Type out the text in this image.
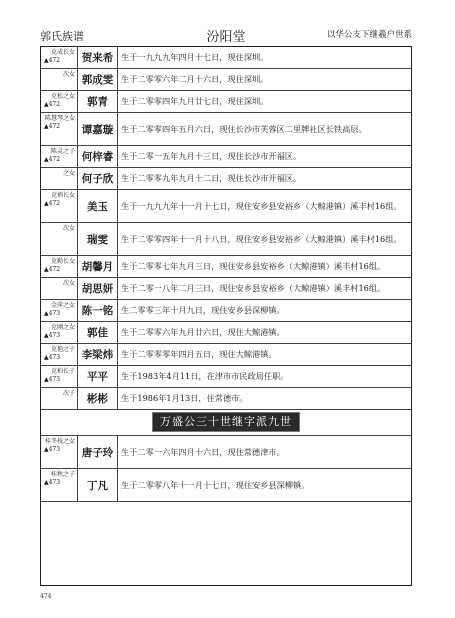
郭氏族谱	汾阳堂	以华公支下继羲户世系
克成长女
▲472	贺来希 生于一九九九年四月十七日，现住深圳。
次女 郭成雯 生于二零零六年二月十六日，现住深圳。
克松之女
▲472	郭青	生于二零零四年九月廿七日，现住深圳。
陈慧琴之女
▲472	谭嘉璇 生于二零零四年五月六日，现住长沙市芙蓉区二里牌社区长铁高层。
陈灵之子
▲472	何梓睿 生于二零一五年九月十三日，现住长沙市开福区。
之女 何子欣 生于二零零九年九月十二日，现住长沙市开福区。
克炳长女
▲472	美玉	生于一九九九年十一月十七日，现住安乡县安裕乡（大鲸港镇）溪丰村16组。
次女
瑞雯	生于二零零四年十一月十八日，现住安乡县安裕乡（大鲸港镇）溪丰村16组。
克勤长女
▲472	胡馨月 生于二零零七年九月三日，现住安乡县安裕乡（大鲸港镇）溪丰村16组。
次女 胡思妍 生于二零一八年二月三日，现住安乡县安裕乡（大鲸港镇）溪丰村16组。
金萍之女
▲473	陈一铭 生二零零三年十月九日，现住安乡县深柳镇。
克刚之女
▲473	郭佳	生于二零零六年九月廿六日，现住大鲸港镇。
克艳之子
▲473	李梁炜 生于二零零零年四月五日，现住大鲸港镇。
克柏长子
▲473	平平	生于1983年4月11日，在津市市民政局任职。
次子	彬彬	生于1986年1月13日，住常德市。
万盛公三十世继字派九世
桂冬枝之女
▲473	唐子玲 生于二零一六年四月十六日，现住常德津市。
桂秋之子
▲473	丁凡	生于二零零八年十一月十七日，现住安乡县深柳镇。
474
